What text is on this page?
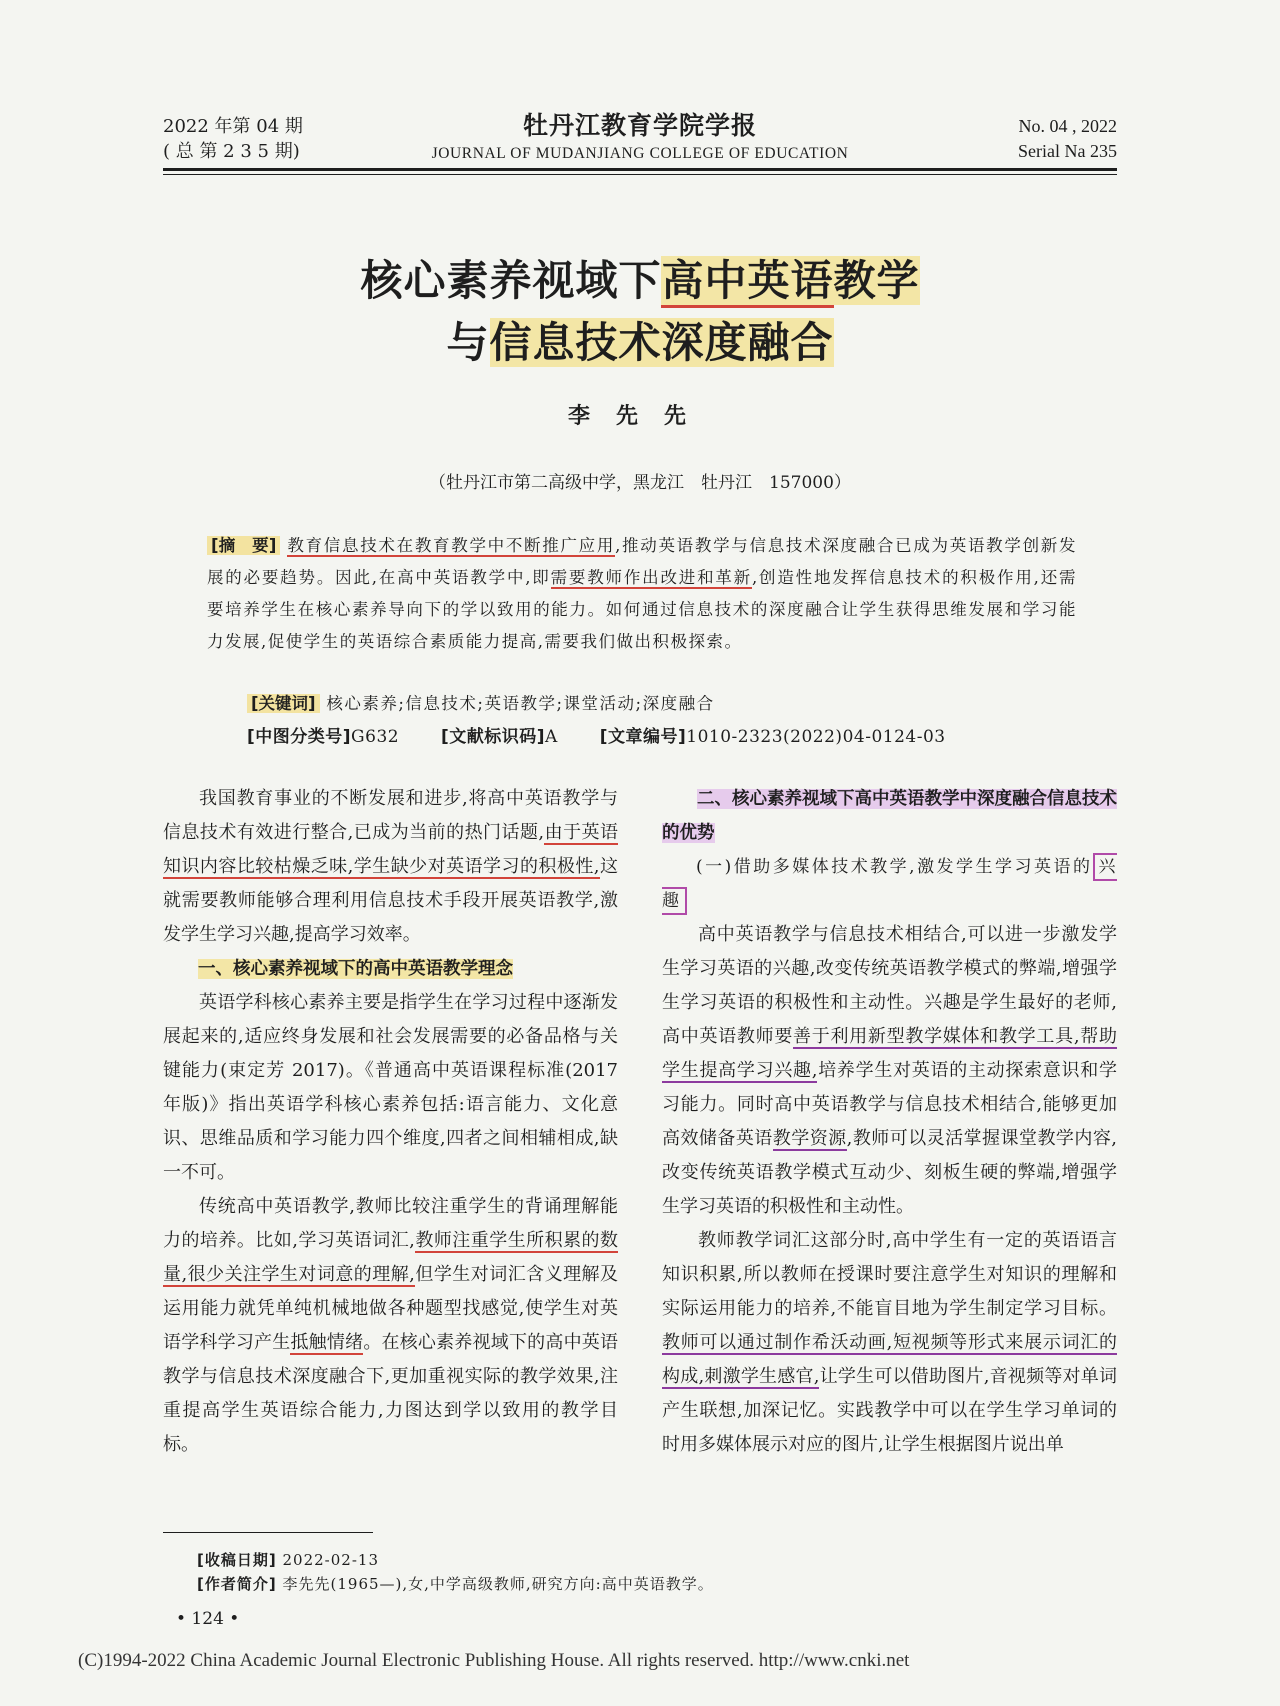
2022 年第 04 期
( 总 第 2 3 5 期)
牡丹江教育学院学报
JOURNAL OF MUDANJIANG COLLEGE OF EDUCATION
No. 04 , 2022
Serial Na 235
核心素养视域下高中英语教学
与信息技术深度融合
李先先
（牡丹江市第二高级中学，黑龙江　牡丹江　157000）
[摘　要] 教育信息技术在教育教学中不断推广应用,推动英语教学与信息技术深度融合已成为英语教学创新发展的必要趋势。因此,在高中英语教学中,即需要教师作出改进和革新,创造性地发挥信息技术的积极作用,还需要培养学生在核心素养导向下的学以致用的能力。如何通过信息技术的深度融合让学生获得思维发展和学习能力发展,促使学生的英语综合素质能力提高,需要我们做出积极探索。
[关键词] 核心素养;信息技术;英语教学;课堂活动;深度融合
[中图分类号]G632 [文献标识码]A [文章编号]1010-2323(2022)04-0124-03

我国教育事业的不断发展和进步,将高中英语教学与信息技术有效进行整合,已成为当前的热门话题,由于英语知识内容比较枯燥乏味,学生缺少对英语学习的积极性,这就需要教师能够合理利用信息技术手段开展英语教学,激发学生学习兴趣,提高学习效率。

一、核心素养视域下的高中英语教学理念

英语学科核心素养主要是指学生在学习过程中逐渐发展起来的,适应终身发展和社会发展需要的必备品格与关键能力(束定芳 2017)。《普通高中英语课程标准(2017 年版)》指出英语学科核心素养包括:语言能力、文化意识、思维品质和学习能力四个维度,四者之间相辅相成,缺一不可。

传统高中英语教学,教师比较注重学生的背诵理解能力的培养。比如,学习英语词汇,教师注重学生所积累的数量,很少关注学生对词意的理解,但学生对词汇含义理解及运用能力就凭单纯机械地做各种题型找感觉,使学生对英语学科学习产生抵触情绪。在核心素养视域下的高中英语教学与信息技术深度融合下,更加重视实际的教学效果,注重提高学生英语综合能力,力图达到学以致用的教学目标。

二、核心素养视域下高中英语教学中深度融合信息技术的优势

(一)借助多媒体技术教学,激发学生学习英语的 兴趣

高中英语教学与信息技术相结合,可以进一步激发学生学习英语的兴趣,改变传统英语教学模式的弊端,增强学生学习英语的积极性和主动性。兴趣是学生最好的老师,高中英语教师要善于利用新型教学媒体和教学工具,帮助学生提高学习兴趣,培养学生对英语的主动探索意识和学习能力。同时高中英语教学与信息技术相结合,能够更加高效储备英语教学资源,教师可以灵活掌握课堂教学内容,改变传统英语教学模式互动少、刻板生硬的弊端,增强学生学习英语的积极性和主动性。

教师教学词汇这部分时,高中学生有一定的英语语言知识积累,所以教师在授课时要注意学生对知识的理解和实际运用能力的培养,不能盲目地为学生制定学习目标。教师可以通过制作希沃动画,短视频等形式来展示词汇的构成,刺激学生感官,让学生可以借助图片,音视频等对单词产生联想,加深记忆。实践教学中可以在学生学习单词的时用多媒体展示对应的图片,让学生根据图片说出单

[收稿日期] 2022-02-13
[作者简介] 李先先(1965—),女,中学高级教师,研究方向:高中英语教学。
• 124 •
(C)1994-2022 China Academic Journal Electronic Publishing House. All rights reserved. http://www.cnki.net
